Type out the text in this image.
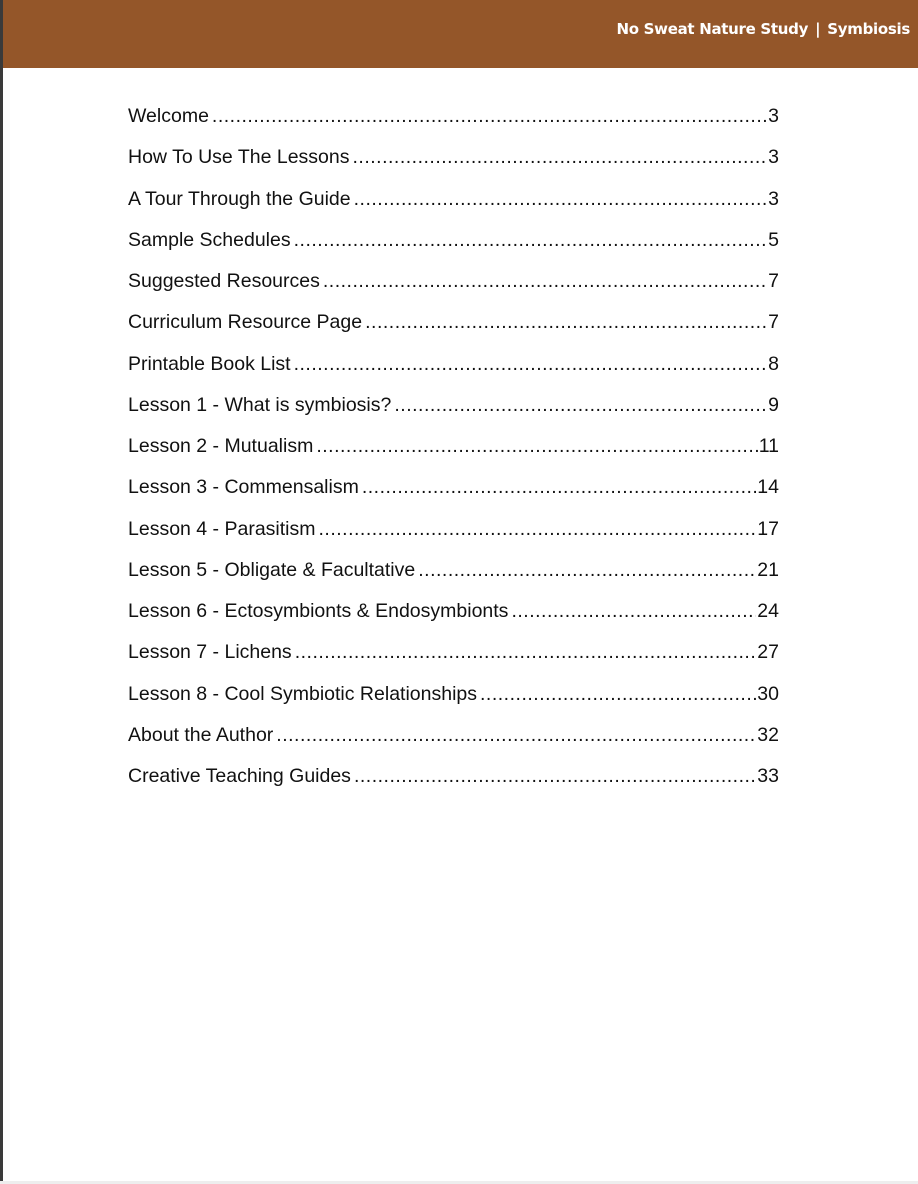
No Sweat Nature Study | Symbiosis
Welcome .....	3
How To Use The Lessons .....	3
A Tour Through the Guide .....	3
Sample Schedules .....	5
Suggested Resources .....	7
Curriculum Resource Page .....	7
Printable Book List .....	8
Lesson 1 - What is symbiosis? .....	9
Lesson 2 - Mutualism .....	11
Lesson 3 - Commensalism .....	14
Lesson 4 - Parasitism .....	17
Lesson 5 - Obligate & Facultative .....	21
Lesson 6 - Ectosymbionts & Endosymbionts .....	24
Lesson 7 - Lichens .....	27
Lesson 8 - Cool Symbiotic Relationships .....	30
About the Author .....	32
Creative Teaching Guides .....	33
